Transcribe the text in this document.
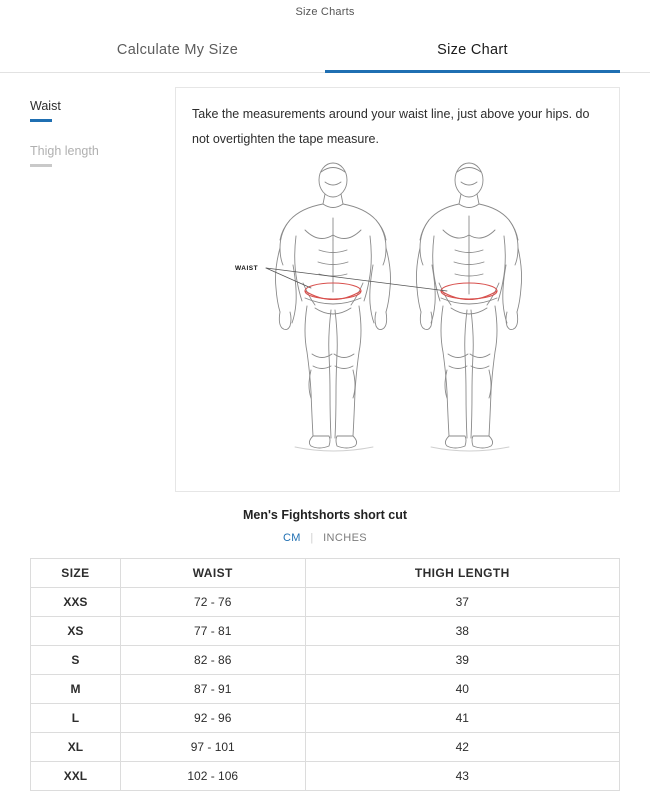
Size Charts
Calculate My Size	Size Chart
Waist
Thigh length
Take the measurements around your waist line, just above your hips. do not overtighten the tape measure.
WAIST
Men's Fightshorts short cut
CM | INCHES
SIZE	WAIST	THIGH LENGTH
XXS	72 - 76	37
XS	77 - 81	38
S	82 - 86	39
M	87 - 91	40
L	92 - 96	41
XL	97 - 101	42
XXL	102 - 106	43
